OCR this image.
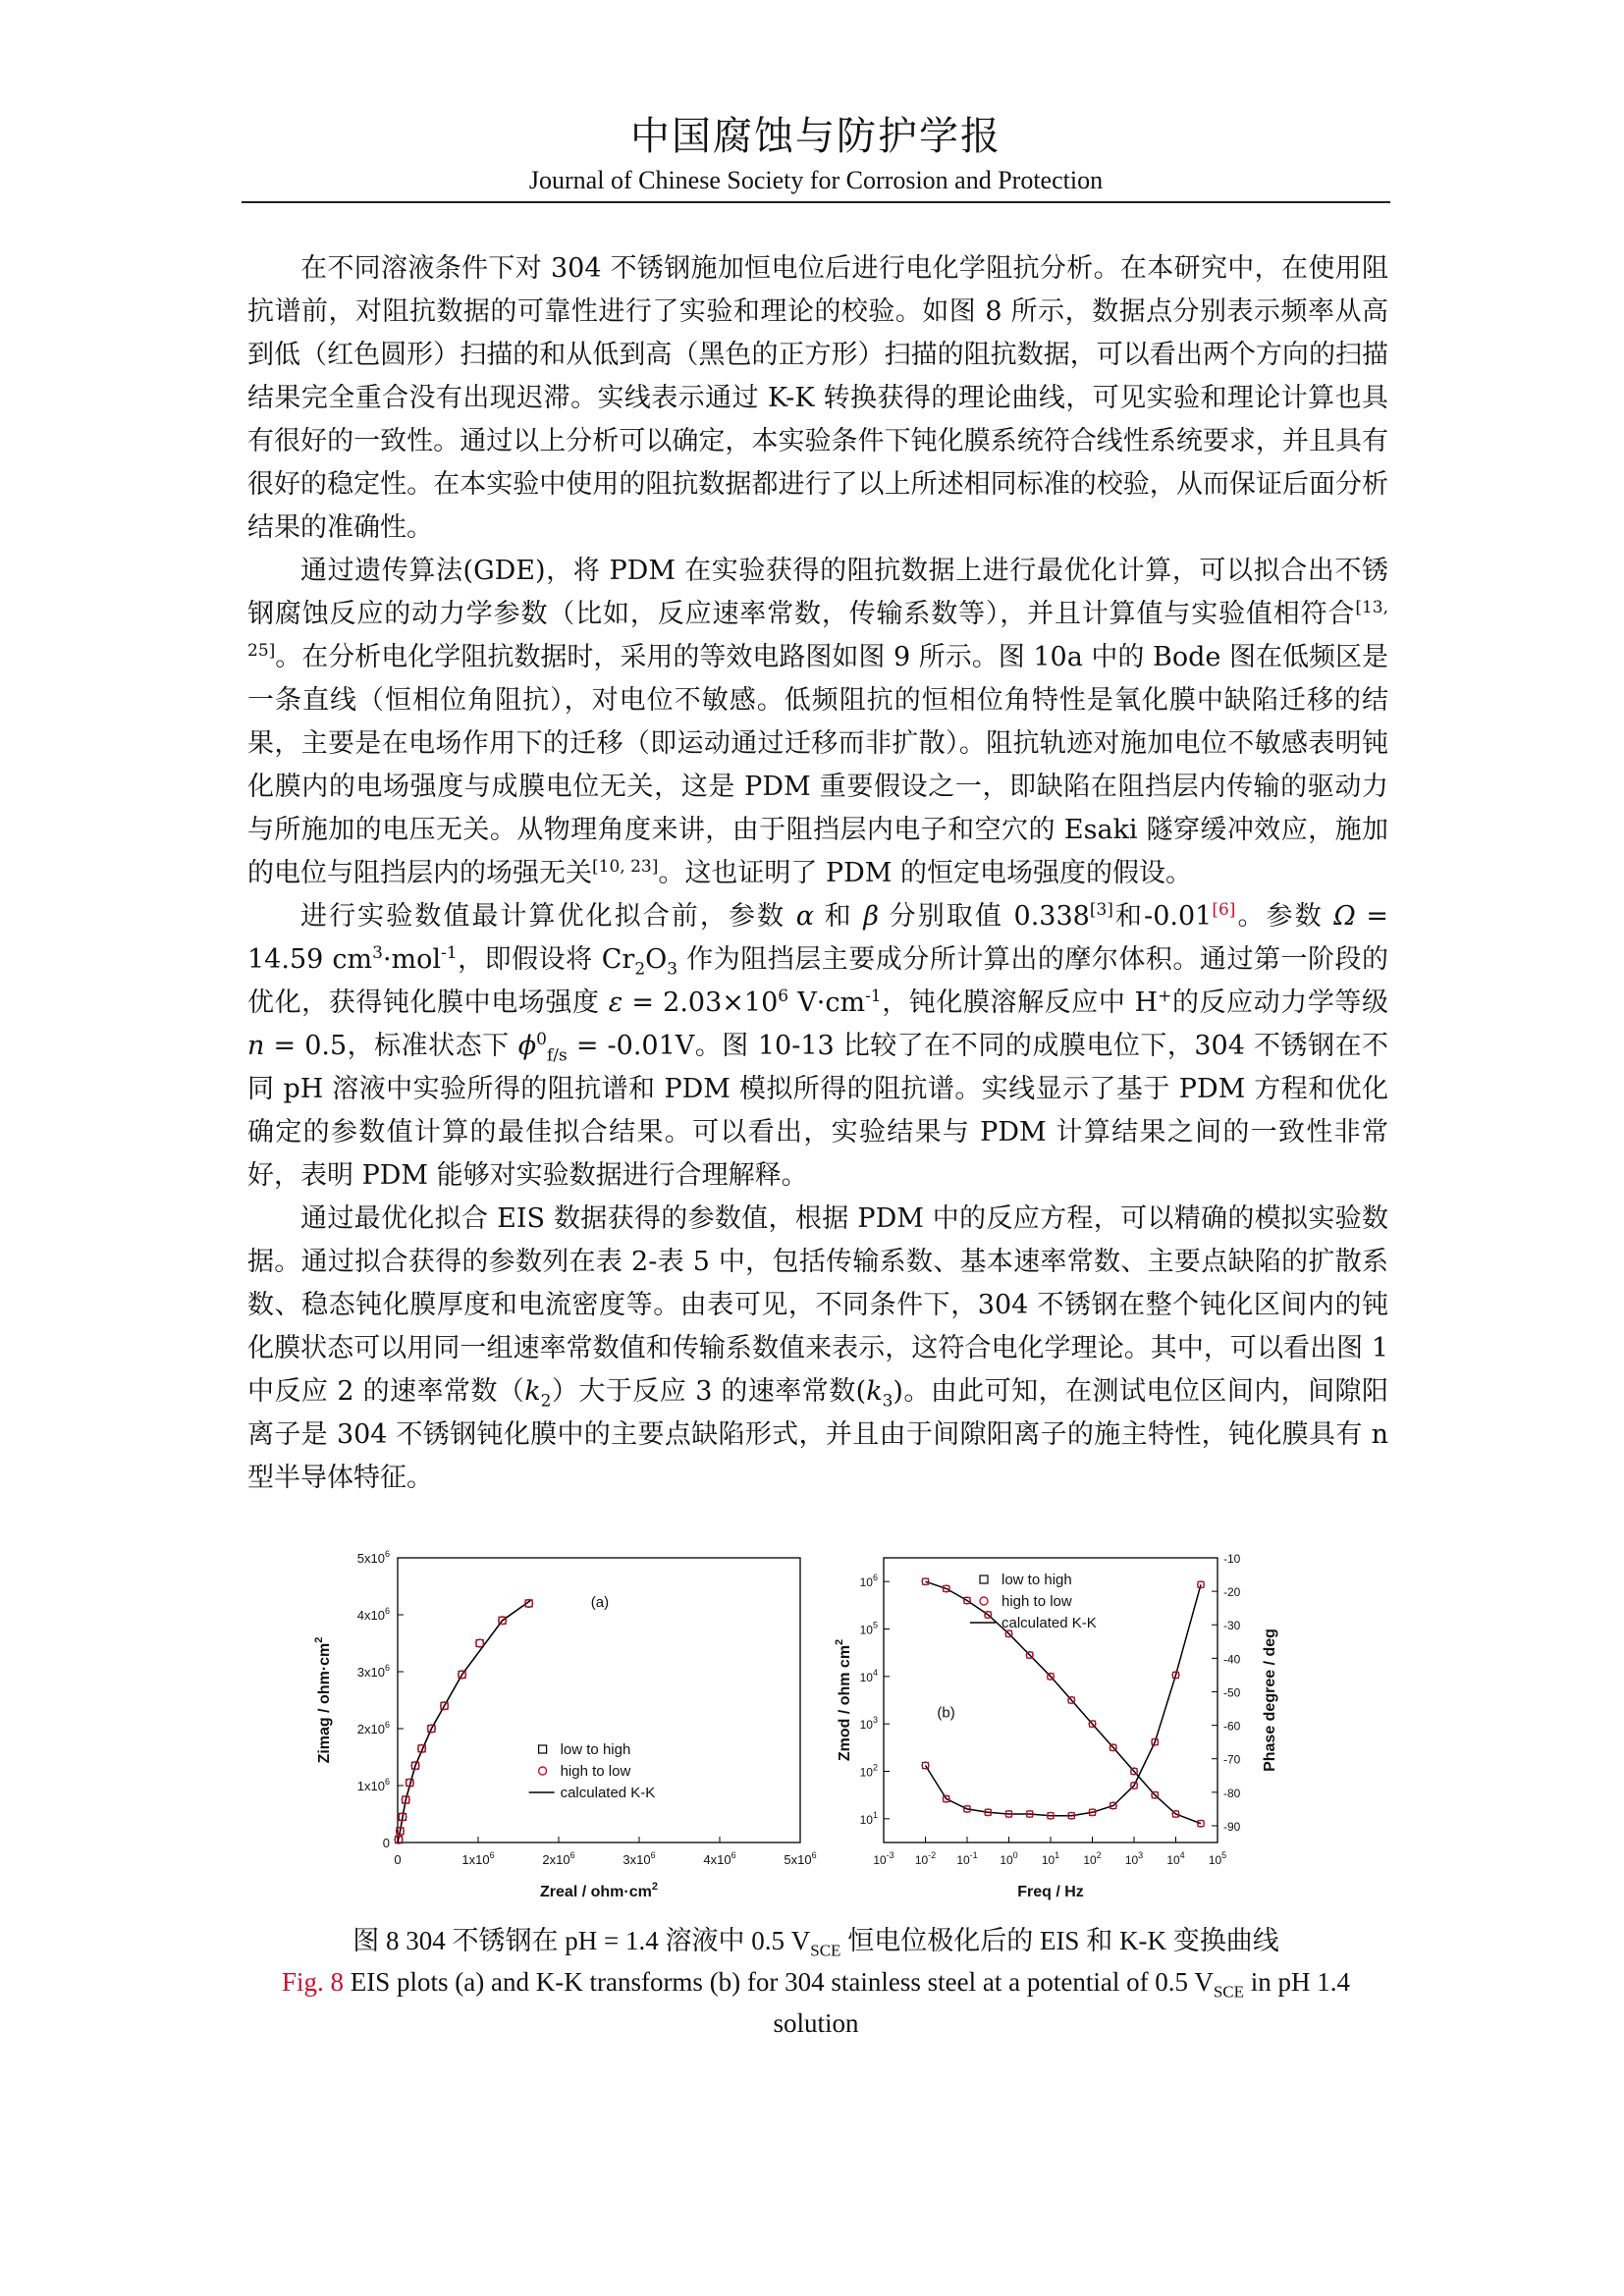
中国腐蚀与防护学报
Journal of Chinese Society for Corrosion and Protection

在不同溶液条件下对 304 不锈钢施加恒电位后进行电化学阻抗分析。在本研究中，在使用阻抗谱前，对阻抗数据的可靠性进行了实验和理论的校验。如图 8 所示，数据点分别表示频率从高到低（红色圆形）扫描的和从低到高（黑色的正方形）扫描的阻抗数据，可以看出两个方向的扫描结果完全重合没有出现迟滞。实线表示通过 K-K 转换获得的理论曲线，可见实验和理论计算也具有很好的一致性。通过以上分析可以确定，本实验条件下钝化膜系统符合线性系统要求，并且具有很好的稳定性。在本实验中使用的阻抗数据都进行了以上所述相同标准的校验，从而保证后面分析结果的准确性。

通过遗传算法(GDE)，将 PDM 在实验获得的阻抗数据上进行最优化计算，可以拟合出不锈钢腐蚀反应的动力学参数（比如，反应速率常数，传输系数等），并且计算值与实验值相符合[13, 25]。在分析电化学阻抗数据时，采用的等效电路图如图 9 所示。图 10a 中的 Bode 图在低频区是一条直线（恒相位角阻抗），对电位不敏感。低频阻抗的恒相位角特性是氧化膜中缺陷迁移的结果，主要是在电场作用下的迁移（即运动通过迁移而非扩散）。阻抗轨迹对施加电位不敏感表明钝化膜内的电场强度与成膜电位无关，这是 PDM 重要假设之一，即缺陷在阻挡层内传输的驱动力与所施加的电压无关。从物理角度来讲，由于阻挡层内电子和空穴的 Esaki 隧穿缓冲效应，施加的电位与阻挡层内的场强无关[10, 23]。这也证明了 PDM 的恒定电场强度的假设。

进行实验数值最计算优化拟合前，参数 α 和 β 分别取值 0.338[3]和-0.01[6]。参数 Ω = 14.59 $cm^3\cdot mol^{-1}$，即假设将 $Cr_2O_3$ 作为阻挡层主要成分所计算出的摩尔体积。通过第一阶段的优化，获得钝化膜中电场强度 $\varepsilon = 2.03\times 10^6$ $V\cdot cm^{-1}$，钝化膜溶解反应中 H+的反应动力学等级 n = 0.5，标准状态下 $\phi^0_{f/s} = -0.01V$。图 10-13 比较了在不同的成膜电位下，304 不锈钢在不同 pH 溶液中实验所得的阻抗谱和 PDM 模拟所得的阻抗谱。实线显示了基于 PDM 方程和优化确定的参数值计算的最佳拟合结果。可以看出，实验结果与 PDM 计算结果之间的一致性非常好，表明 PDM 能够对实验数据进行合理解释。

通过最优化拟合 EIS 数据获得的参数值，根据 PDM 中的反应方程，可以精确的模拟实验数据。通过拟合获得的参数列在表 2-表 5 中，包括传输系数、基本速率常数、主要点缺陷的扩散系数、稳态钝化膜厚度和电流密度等。由表可见，不同条件下，304 不锈钢在整个钝化区间内的钝化膜状态可以用同一组速率常数值和传输系数值来表示，这符合电化学理论。其中，可以看出图 1 中反应 2 的速率常数$(k_2)$大于反应 3 的速率常数$(k_3)$。由此可知，在测试电位区间内，间隙阳离子是 304 不锈钢钝化膜中的主要点缺陷形式，并且由于间隙阳离子的施主特性，钝化膜具有 n 型半导体特征。

0
0
$1x10^6$
$1x10^6$
$2x10^6$
$2x10^6$
$3x10^6$
$3x10^6$
$4x10^6$
$4x10^6$
$5x10^6$
$5x10^6$
(a)
low to high
high to low
calculated K-K
Zreal / $ohm\cdot cm^2$
Zimag / $ohm\cdot cm^2$
$10^{-3}$ $10^{-2}$ $10^{-1}$ $10^0$ $10^1$ $10^2$ $10^3$ $10^4$ $10^5$
$10^1$
$10^2$
$10^3$
$10^4$
$10^5$
$10^6$
-10
-20
-30
-40
-50
-60
-70
-80
-90
(b)
low to high
high to low
calculated K-K
Freq / Hz
Zmod / ohm $cm^2$	Phase degree / deg
图 8 304 不锈钢在 pH = 1.4 溶液中 0.5 $V_{SCE}$ 恒电位极化后的 EIS 和 K-K 变换曲线
Fig. 8 EIS plots (a) and K-K transforms (b) for 304 stainless steel at a potential of 0.5 $V_{SCE}$ in pH 1.4 solution
